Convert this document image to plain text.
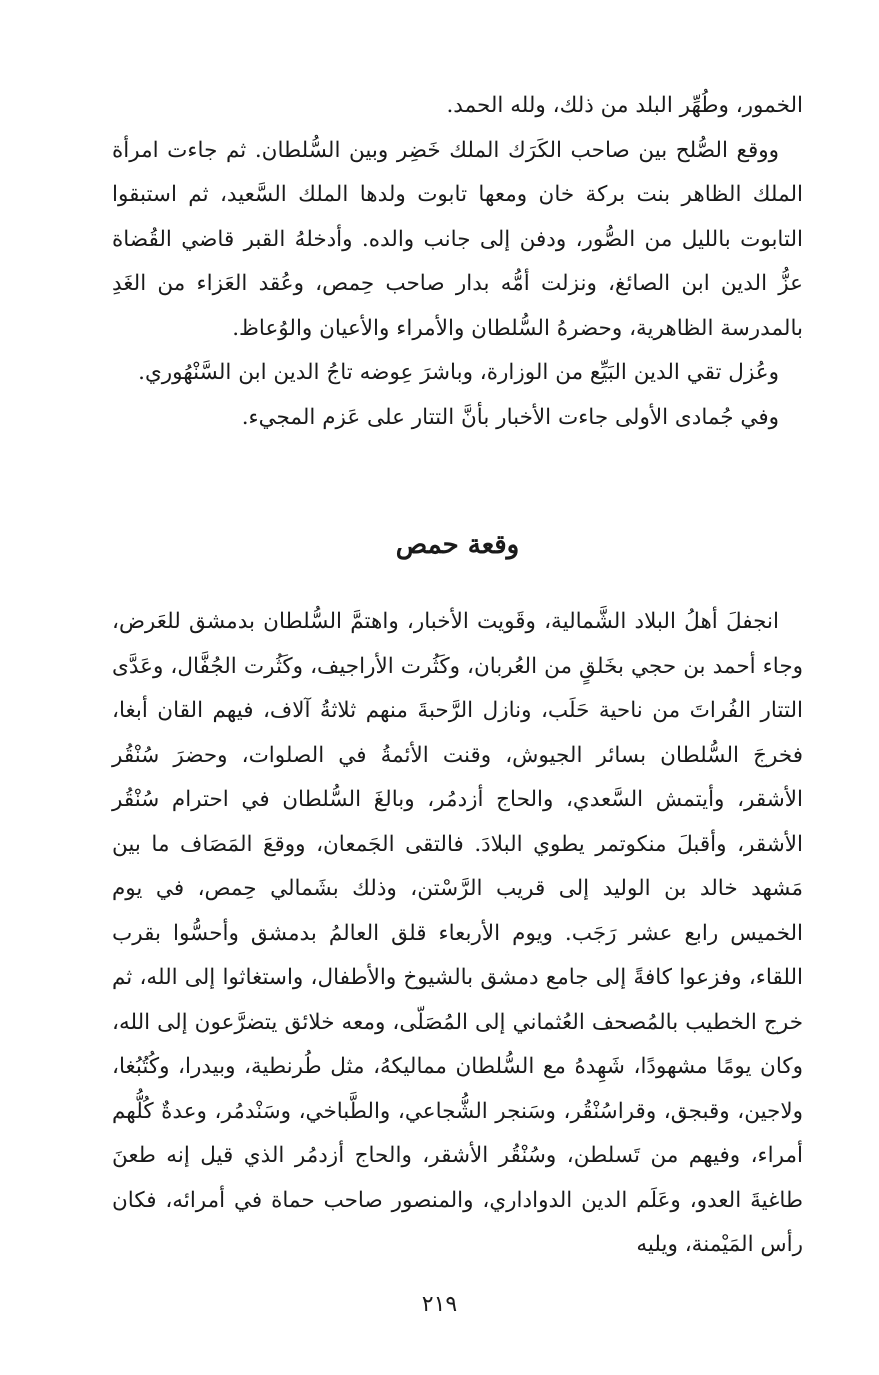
الخمور، وطُهِّر البلد من ذلك، ولله الحمد.

ووقع الصُّلح بين صاحب الكَرَك الملك خَضِر وبين السُّلطان. ثم جاءت امرأة الملك الظاهر بنت بركة خان ومعها تابوت ولدها الملك السَّعيد، ثم استبقوا التابوت بالليل من الصُّور، ودفن إلى جانب والده. وأدخلهُ القبر قاضي القُضاة عزُّ الدين ابن الصائغ، ونزلت أمُّه بدار صاحب حِمص، وعُقد العَزاء من الغَدِ بالمدرسة الظاهرية، وحضرهُ السُّلطان والأمراء والأعيان والوُعاظ.

وعُزل تقي الدين البَيِّع من الوزارة، وباشرَ عِوضه تاجُ الدين ابن السَّنْهُوري.

وفي جُمادى الأولى جاءت الأخبار بأنَّ التتار على عَزم المجيء.

وقعة حمص

انجفلَ أهلُ البلاد الشَّمالية، وقَويت الأخبار، واهتمَّ السُّلطان بدمشق للعَرض، وجاء أحمد بن حجي بخَلقٍ من العُربان، وكَثُرت الأراجيف، وكَثُرت الجُفَّال، وعَدَّى التتار الفُراتَ من ناحية حَلَب، ونازل الرَّحبةَ منهم ثلاثةُ آلاف، فيهم القان أبغا، فخرجَ السُّلطان بسائر الجيوش، وقنت الأئمةُ في الصلوات، وحضرَ سُنْقُر الأشقر، وأيتمش السَّعدي، والحاج أزدمُر، وبالغَ السُّلطان في احترام سُنْقُر الأشقر، وأقبلَ منكوتمر يطوي البلادَ. فالتقى الجَمعان، ووقعَ المَصَاف ما بين مَشهد خالد بن الوليد إلى قريب الرَّسْتن، وذلك بشَمالي حِمص، في يوم الخميس رابع عشر رَجَب. ويوم الأربعاء قلق العالمُ بدمشق وأحسُّوا بقرب اللقاء، وفزعوا كافةً إلى جامع دمشق بالشيوخ والأطفال، واستغاثوا إلى الله، ثم خرج الخطيب بالمُصحف العُثماني إلى المُصَلّى، ومعه خلائق يتضرَّعون إلى الله، وكان يومًا مشهودًا، شَهِدهُ مع السُّلطان مماليكهُ، مثل طُرنطية، وبيدرا، وكُتُبُغا، ولاجين، وقبجق، وقراسُنْقُر، وسَنجر الشُّجاعي، والطَّباخي، وسَنْدمُر، وعدةٌ كُلُّهم أمراء، وفيهم من تَسلطن، وسُنْقُر الأشقر، والحاج أزدمُر الذي قيل إنه طعنَ طاغيةَ العدو، وعَلَم الدين الدواداري، والمنصور صاحب حماة في أمرائه، فكان رأس المَيْمنة، ويليه

٢١٩
